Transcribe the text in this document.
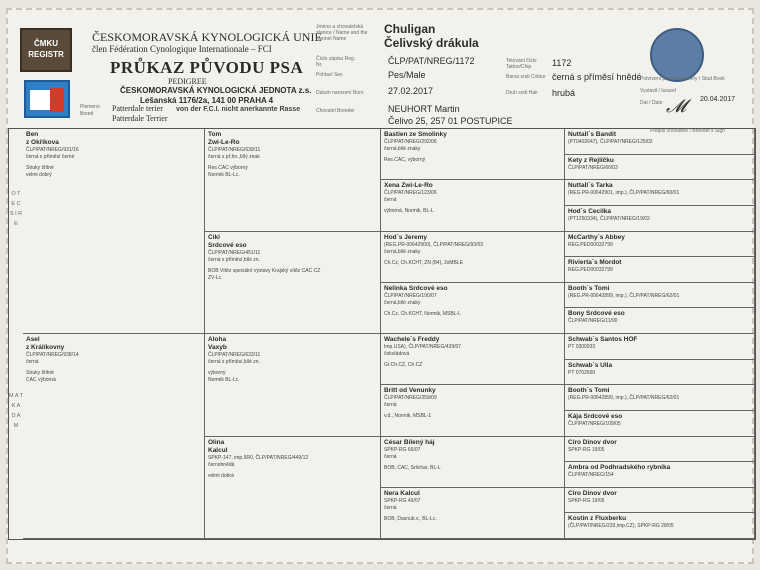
ČMKU REGISTR
ČESKOMORAVSKÁ KYNOLOGICKÁ UNIE
člen Fédération Cynologique Internationale – FCI
PRŮKAZ PŮVODU PSA
PEDIGREE
ČESKOMORAVSKÁ KYNOLOGICKÁ JEDNOTA z.s.
Lešanská 1176/2a, 141 00 PRAHA 4
Plemeno Breed
Patterdale terier
Patterdale Terrier
von der F.C.I. nicht anerkannte Rasse
Jméno a chovatelská stanice / Name and the Kennel Name
Chuligan
Čelivský drákula
Číslo zápisu Reg. Nr.	ČLP/PAT/NREG/1172
Pohlaví Sex	Pes/Male
Datum narození Born	27.02.2017
Chovatel Breeder	NEUHORT Martin
Čelivo 25, 257 01 POSTUPICE
Tetování číslo Tattoo/Chip	1172
Barva srsti Colour černá s příměsí hnědé
Druh srsti Hair	hrubá
Potvrzení plemenné knihy / Stud Book
Vystavil / Issued
Dat / Date	20.04.2017
𝓜
Podpis chovatele / Breeder's Sign
O T E C   S I R E
M A T K A   D A M
Ben
z Okříkova
ČLP/PAT/NREG/931/16
černá s příměsí černé
Struky štítné
velmi dobrý
Asel
z Králíkovny
ČLP/PAT/NREG/938/14
černá
Struky štítné
CAC výborná
Tom
Zwi-Le-Ro
ČLP/PAT/NREG/639/11
černá s př.hn.,bílý znak
Res.CAC výborný
Normik BL-Lc.
Ciki
Srdcové eso
ČLP/PAT/NREG/451/11
černá s příměsí,bílé zn.
BOB Vítěz speciální výstavy Krajský vítěz CAC CZ
ZV-Lc.
Aloha
Vaxyb
ČLP/PAT/NREG/633/11
černá s příměsí,bílé zn.
výborný
Normik BL-Lc.
Olina
Kalcul
SPKP-147, imp.5R0, ČLP/PAT/NREG/449/12
černohnědá
velmi dobrá
Bastien ze Smolinky
ČLP/PAT/NREG/292/06
černá,bílé znaky
Res.CAC, výborný
Xena Zwi-Le-Ro
ČLP/PAT/NREG/123/06
černá
výborná, Normik, BL-L
Hod´s Jeremy
(REG.PR-00642900), ČLP/PAT/NREG/93/03
černá,bílé znaky
Ch.Cz, Ch.KCHT, ZN (84), 2xMBLE
Nelinka Srdcové eso
ČLP/PAT/NREG/190/07
černá,bílé znaky
Ch.Cz, Ch.KCHT, Normik, MSBL-L
Wachele´s Freddy
Imp.USA), ČLP/PAT/NREG/439/07
čokoládová
Gr.Ch.CZ, Ch.CZ
Britt od Venunky
ČLP/PAT/NREG/359/09
černá
v.d., Normik, MSBL-1
César Bílený háj
SPKP-RG 66/07
černá
BOB, CAC, Srlichar, BL-L
Nera Kalcul
SPKP-RG 49/07
černá
BOB, Dasnub.v., BL-Lc.
Nuttall´s Bandit
(PT0402647), ČLP/PAT/NREG/125/02
Kety z Rejlíčku
ČLP/PAT/NREG/66/03
Nuttall´s Tarka
(REG.PR-00642901, imp.), ČLP/PAT/NREG/60/01
Hod´s Cecilka
(PT1250334), ČLP/PAT/NREG/19/02
McCarthy´s Abbey
REG.PED00032799
Rivierta´s Mordot
REG.PED00032799
Booth´s Tomi
(REG.PR-00642899, imp.), ČLP/PAT/NREG/62/01
Bony Srdcové eso
ČLP/PAT/NREG/11/00
Schwab´s Santos HOF
PT 0300933
Schwab´s Ulla
PT 0702660
Booth´s Tomi
(REG.PR-00642899, imp.), ČLP/PAT/NREG/62/01
Kája Srdcové eso
ČLP/PAT/NREG/109/05
Ciro Dinov dvor
SPKP-RG 19/05
Ambra od Podhradského rybníka
ČLP/PAT/NREG/154
Ciro Dinov dvor
SPKP-RG 19/05
Kostin z Fluxberku
(ČLP/PAT/NREG/233,imp.CZ), SPKP-RG 28/05
